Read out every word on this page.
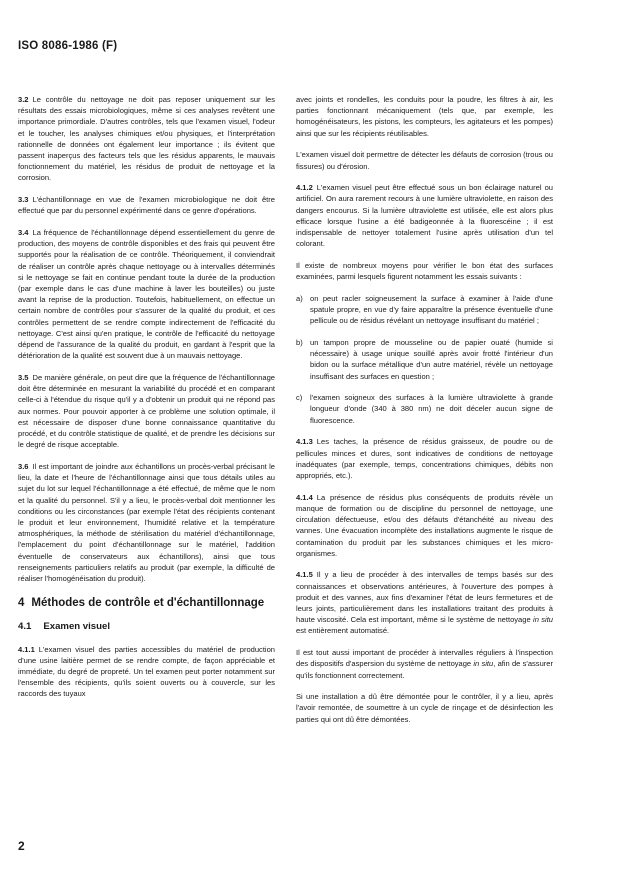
ISO 8086-1986 (F)

3.2 Le contrôle du nettoyage ne doit pas reposer uniquement sur les résultats des essais microbiologiques, même si ces analyses revêtent une importance primordiale. D'autres contrôles, tels que l'examen visuel, l'odeur et le toucher, les analyses chimiques et/ou physiques, et l'interprétation rationnelle de données ont également leur importance ; ils évitent que passent inaperçus des facteurs tels que les résidus apparents, le mauvais fonctionnement du matériel, les résidus de produit de nettoyage et la corrosion.

3.3 L'échantillonnage en vue de l'examen microbiologique ne doit être effectué que par du personnel expérimenté dans ce genre d'opérations.

3.4 La fréquence de l'échantillonnage dépend essentiellement du genre de production, des moyens de contrôle disponibles et des frais qui peuvent être supportés pour la réalisation de ce contrôle. Théoriquement, il conviendrait de réaliser un contrôle après chaque nettoyage ou à intervalles déterminés si le nettoyage se fait en continue pendant toute la durée de la production (par exemple dans le cas d'une machine à laver les bouteilles) ou juste avant la reprise de la production. Toutefois, habituellement, on effectue un certain nombre de contrôles pour s'assurer de la qualité du produit, et ces contrôles permettent de se rendre compte indirectement de l'efficacité du nettoyage. C'est ainsi qu'en pratique, le contrôle de l'efficacité du nettoyage dépend de l'assurance de la qualité du produit, en gardant à l'esprit que la détérioration de la qualité est souvent due à un mauvais nettoyage.

3.5 De manière générale, on peut dire que la fréquence de l'échantillonnage doit être déterminée en mesurant la variabilité du procédé et en comparant celle-ci à l'étendue du risque qu'il y a d'obtenir un produit qui ne répond pas aux normes. Pour pouvoir apporter à ce problème une solution optimale, il est nécessaire de disposer d'une bonne connaissance quantitative du procédé, et du contrôle statistique de qualité, et de prendre les décisions sur le degré de risque acceptable.

3.6 Il est important de joindre aux échantillons un procès-verbal précisant le lieu, la date et l'heure de l'échantillonnage ainsi que tous détails utiles au sujet du lot sur lequel l'échantillonnage a été effectué, de même que le nom et la qualité du personnel. S'il y a lieu, le procès-verbal doit mentionner les conditions ou les circonstances (par exemple l'état des récipients contenant le produit et leur environnement, l'humidité relative et la température atmosphériques, la méthode de stérilisation du matériel d'échantillonnage, l'emplacement du point d'échantillonnage sur le matériel, l'addition éventuelle de conservateurs aux échantillons), ainsi que tous renseignements particuliers relatifs au produit (par exemple, la difficulté de réaliser l'homogénéisation du produit).

4 Méthodes de contrôle et d'échantillonnage
4.1 Examen visuel

4.1.1 L'examen visuel des parties accessibles du matériel de production d'une usine laitière permet de se rendre compte, de façon appréciable et immédiate, du degré de propreté. Un tel examen peut porter notamment sur l'ensemble des récipients, qu'ils soient ouverts ou à couvercle, sur les raccords des tuyaux

avec joints et rondelles, les conduits pour la poudre, les filtres à air, les parties fonctionnant mécaniquement (tels que, par exemple, les homogénéisateurs, les pistons, les compteurs, les agitateurs et les pompes) ainsi que sur les récipients réutilisables.

L'examen visuel doit permettre de détecter les défauts de corrosion (trous ou fissures) ou d'érosion.

4.1.2 L'examen visuel peut être effectué sous un bon éclairage naturel ou artificiel. On aura rarement recours à une lumière ultraviolette, en raison des dangers encourus. Si la lumière ultraviolette est utilisée, elle est alors plus efficace lorsque l'usine a été badigeonnée à la fluorescéine ; il est indispensable de nettoyer totalement l'usine après utilisation d'un tel colorant.

Il existe de nombreux moyens pour vérifier le bon état des surfaces examinées, parmi lesquels figurent notamment les essais suivants :

a) on peut racler soigneusement la surface à examiner à l'aide d'une spatule propre, en vue d'y faire apparaître la présence éventuelle d'une pellicule ou de résidus révélant un nettoyage insuffisant du matériel ;
b) un tampon propre de mousseline ou de papier ouaté (humide si nécessaire) à usage unique souillé après avoir frotté l'intérieur d'un bidon ou la surface métallique d'un autre matériel, révèle un nettoyage insuffisant des surfaces en question ;
c) l'examen soigneux des surfaces à la lumière ultraviolette à grande longueur d'onde (340 à 380 nm) ne doit déceler aucun signe de fluorescence.

4.1.3 Les taches, la présence de résidus graisseux, de poudre ou de pellicules minces et dures, sont indicatives de conditions de nettoyage inadéquates (par exemple, temps, concentrations chimiques, débits non appropriés, etc.).

4.1.4 La présence de résidus plus conséquents de produits révèle un manque de formation ou de discipline du personnel de nettoyage, une circulation défectueuse, et/ou des défauts d'étanchéité au niveau des vannes. Une évacuation incomplète des installations augmente le risque de contamination du produit par les substances chimiques et les micro-organismes.

4.1.5 Il y a lieu de procéder à des intervalles de temps basés sur des connaissances et observations antérieures, à l'ouverture des pompes à produit et des vannes, aux fins d'examiner l'état de leurs fermetures et de leurs joints, particulièrement dans les installations traitant des produits à haute viscosité. Cela est important, même si le système de nettoyage in situ est entièrement automatisé.

Il est tout aussi important de procéder à intervalles réguliers à l'inspection des dispositifs d'aspersion du système de nettoyage in situ, afin de s'assurer qu'ils fonctionnent correctement.

Si une installation a dû être démontée pour le contrôler, il y a lieu, après l'avoir remontée, de soumettre à un cycle de rinçage et de désinfection les parties qui ont dû être démontées.

2
